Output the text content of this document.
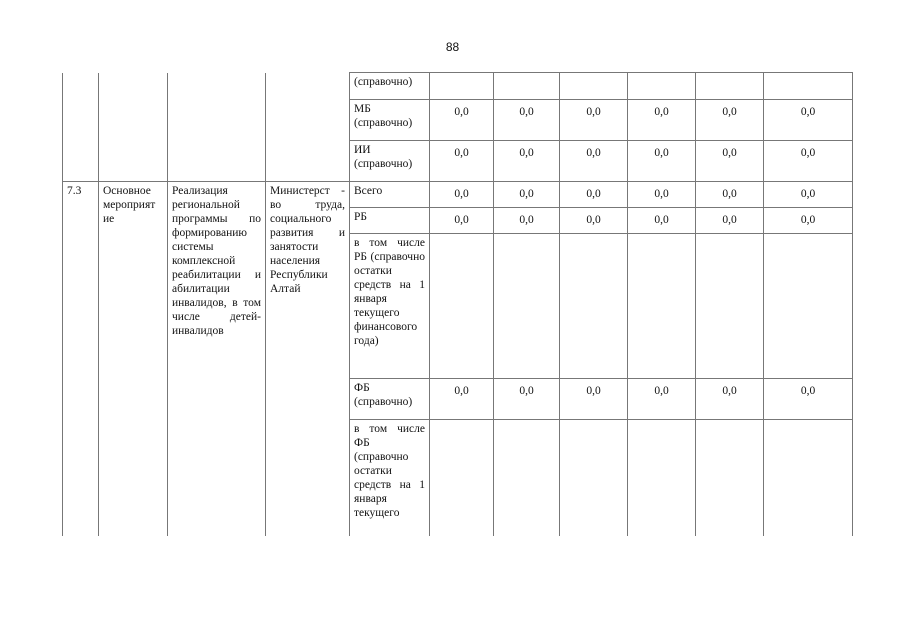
88
				(справочно)						
				МБ (справочно)	0,0	0,0	0,0	0,0	0,0	0,0
				ИИ (справочно)	0,0	0,0	0,0	0,0	0,0	0,0
7.3	Основное мероприят ие	Реализация региональной программы по формированию системы комплексной реабилитации и абилитации инвалидов, в том числе детей-инвалидов	Министерст - во труда, социального развития и занятости населения Республики Алтай	Всего	0,0	0,0	0,0	0,0	0,0	0,0
				РБ	0,0	0,0	0,0	0,0	0,0	0,0
				в том числе РБ (справочно остатки средств на 1 января текущего финансового года)						
				ФБ (справочно)	0,0	0,0	0,0	0,0	0,0	0,0
				в том числе ФБ (справочно остатки средств на 1 января текущего						
